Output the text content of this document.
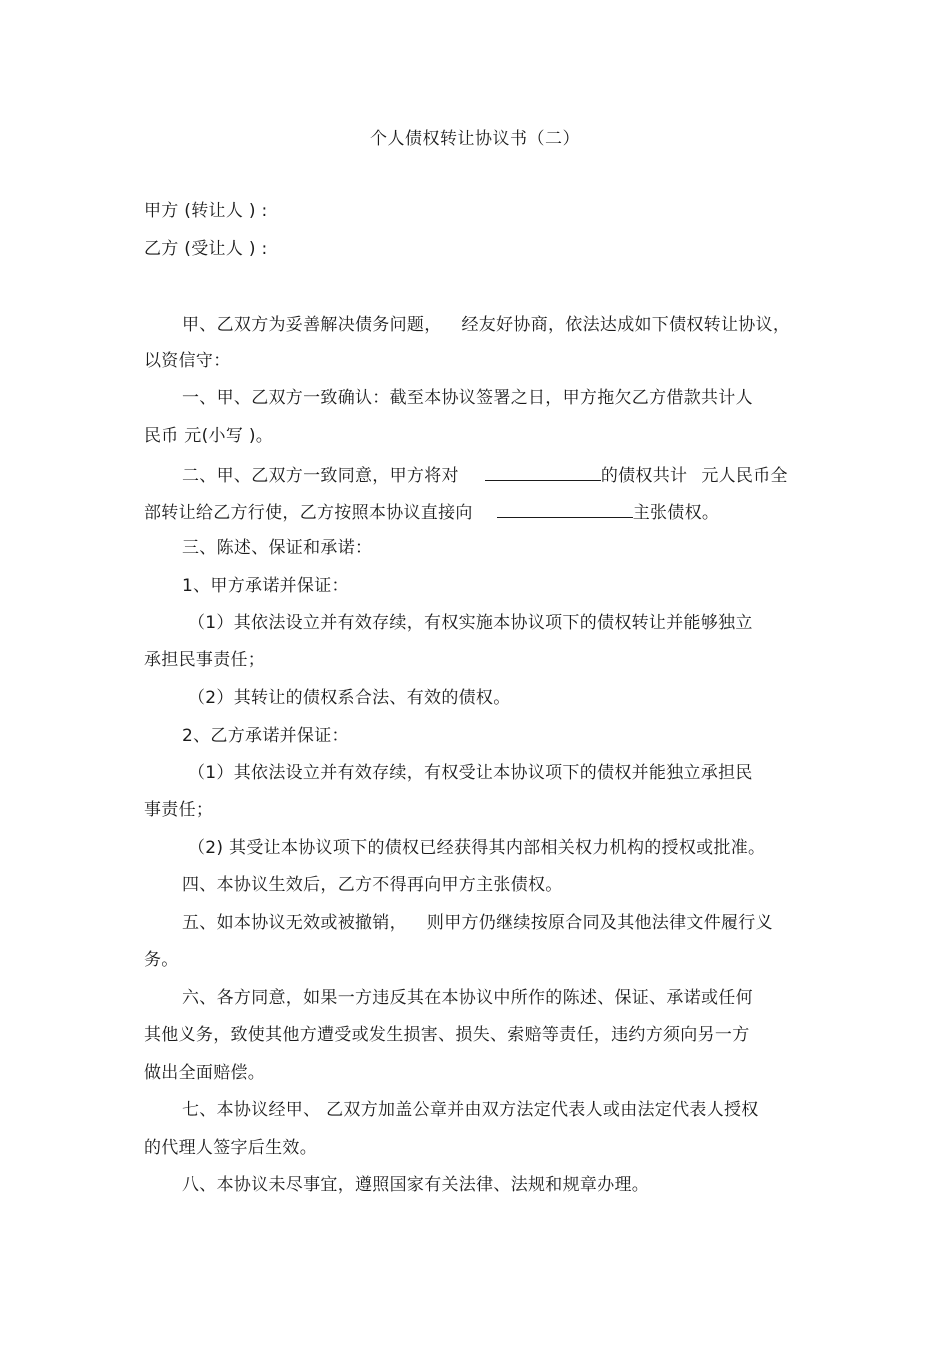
个人债权转让协议书（二）
甲方 (转让人 ) :
乙方 (受让人 ) :
甲、乙双方为妥善解决债务问题， 经友好协商，依法达成如下债权转让协议，
以资信守：
一、甲、乙双方一致确认：截至本协议签署之日，甲方拖欠乙方借款共计人
民币 元(小写 )。
二、甲、乙双方一致同意，甲方将对	的债权共计 元人民币全
部转让给乙方行使，乙方按照本协议直接向	主张债权。
三、陈述、保证和承诺：
1、甲方承诺并保证：
（1）其依法设立并有效存续，有权实施本协议项下的债权转让并能够独立
承担民事责任；
（2）其转让的债权系合法、有效的债权。
2、乙方承诺并保证：
（1）其依法设立并有效存续，有权受让本协议项下的债权并能独立承担民
事责任；
（2) 其受让本协议项下的债权已经获得其内部相关权力机构的授权或批准。
四、本协议生效后，乙方不得再向甲方主张债权。
五、如本协议无效或被撤销， 则甲方仍继续按原合同及其他法律文件履行义
务。
六、各方同意，如果一方违反其在本协议中所作的陈述、保证、承诺或任何
其他义务，致使其他方遭受或发生损害、损失、索赔等责任，违约方须向另一方
做出全面赔偿。
七、本协议经甲、 乙双方加盖公章并由双方法定代表人或由法定代表人授权
的代理人签字后生效。
八、本协议未尽事宜，遵照国家有关法律、法规和规章办理。
